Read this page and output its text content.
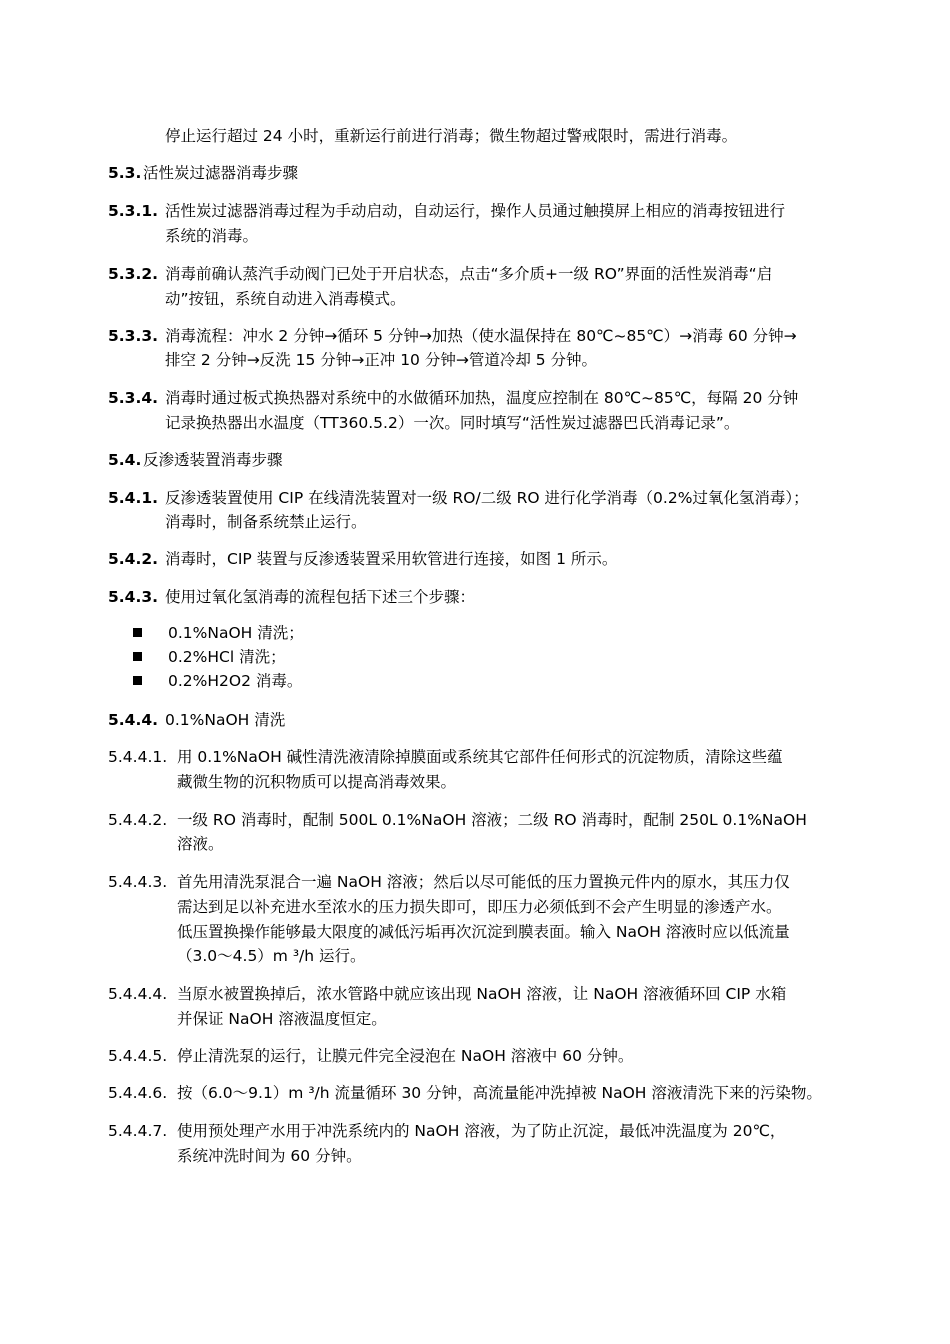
停止运行超过 24 小时，重新运行前进行消毒；微生物超过警戒限时，需进行消毒。
5.3. 活性炭过滤器消毒步骤
5.3.1. 活性炭过滤器消毒过程为手动启动，自动运行，操作人员通过触摸屏上相应的消毒按钮进行
系统的消毒。
5.3.2. 消毒前确认蒸汽手动阀门已处于开启状态，点击“多介质+一级 RO”界面的活性炭消毒“启
动”按钮，系统自动进入消毒模式。
5.3.3. 消毒流程：冲水 2 分钟→循环 5 分钟→加热（使水温保持在 80℃~85℃）→消毒 60 分钟→
排空 2 分钟→反洗 15 分钟→正冲 10 分钟→管道冷却 5 分钟。
5.3.4. 消毒时通过板式换热器对系统中的水做循环加热，温度应控制在 80℃~85℃，每隔 20 分钟
记录换热器出水温度（TT360.5.2）一次。同时填写“活性炭过滤器巴氏消毒记录”。
5.4. 反渗透装置消毒步骤
5.4.1. 反渗透装置使用 CIP 在线清洗装置对一级 RO/二级 RO 进行化学消毒（0.2%过氧化氢消毒）；
消毒时，制备系统禁止运行。
5.4.2. 消毒时，CIP 装置与反渗透装置采用软管进行连接，如图 1 所示。
5.4.3. 使用过氧化氢消毒的流程包括下述三个步骤：
0.1%NaOH 清洗；
0.2%HCl 清洗；
0.2%H2O2 消毒。
5.4.4. 0.1%NaOH 清洗
5.4.4.1. 用 0.1%NaOH 碱性清洗液清除掉膜面或系统其它部件任何形式的沉淀物质，清除这些蕴
藏微生物的沉积物质可以提高消毒效果。
5.4.4.2. 一级 RO 消毒时，配制 500L 0.1%NaOH 溶液；二级 RO 消毒时，配制 250L 0.1%NaOH
溶液。
5.4.4.3. 首先用清洗泵混合一遍 NaOH 溶液；然后以尽可能低的压力置换元件内的原水，其压力仅
需达到足以补充进水至浓水的压力损失即可，即压力必须低到不会产生明显的渗透产水。
低压置换操作能够最大限度的减低污垢再次沉淀到膜表面。输入 NaOH 溶液时应以低流量
（3.0～4.5）m ³/h 运行。
5.4.4.4. 当原水被置换掉后，浓水管路中就应该出现 NaOH 溶液，让 NaOH 溶液循环回 CIP 水箱
并保证 NaOH 溶液温度恒定。
5.4.4.5. 停止清洗泵的运行，让膜元件完全浸泡在 NaOH 溶液中 60 分钟。
5.4.4.6. 按（6.0～9.1）m ³/h 流量循环 30 分钟，高流量能冲洗掉被 NaOH 溶液清洗下来的污染物。
5.4.4.7. 使用预处理产水用于冲洗系统内的 NaOH 溶液，为了防止沉淀，最低冲洗温度为 20℃，
系统冲洗时间为 60 分钟。
